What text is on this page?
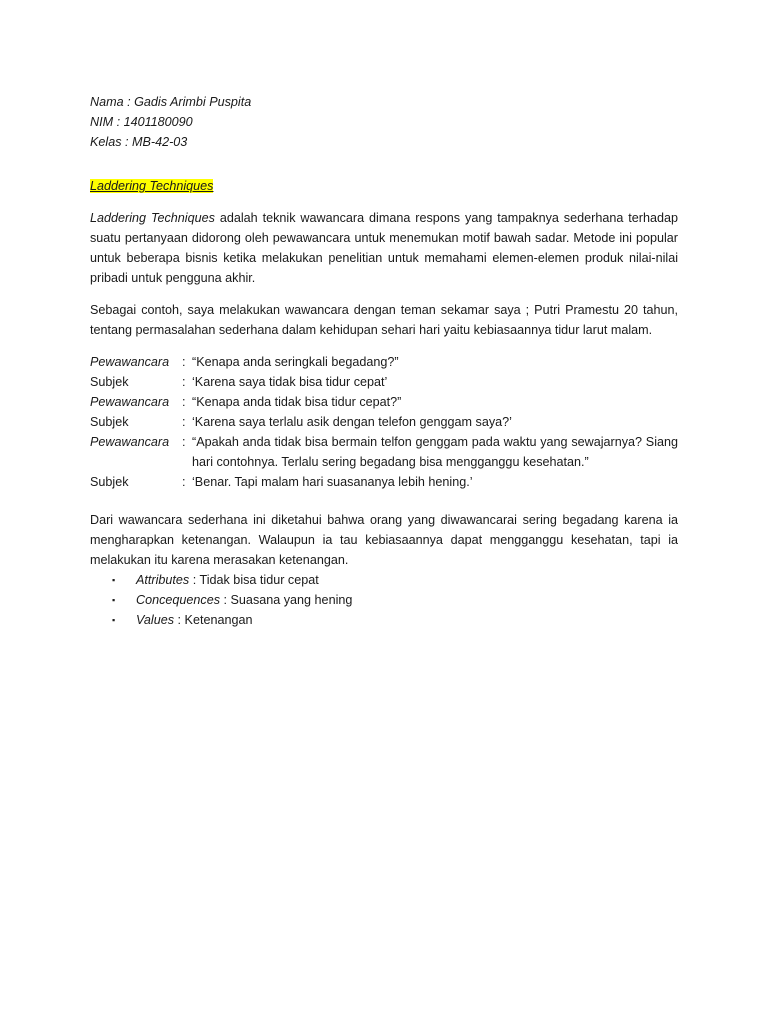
Nama : Gadis Arimbi Puspita

NIM : 1401180090

Kelas : MB-42-03

Laddering Techniques

Laddering Techniques adalah teknik wawancara dimana respons yang tampaknya sederhana terhadap suatu pertanyaan didorong oleh pewawancara untuk menemukan motif bawah sadar. Metode ini popular untuk beberapa bisnis ketika melakukan penelitian untuk memahami elemen-elemen produk nilai-nilai pribadi untuk pengguna akhir.

Sebagai contoh, saya melakukan wawancara dengan teman sekamar saya ; Putri Pramestu 20 tahun, tentang permasalahan sederhana dalam kehidupan sehari hari yaitu kebiasaannya tidur larut malam.

Pewawancara	: “Kenapa anda seringkali begadang?”
Subjek	: ‘Karena saya tidak bisa tidur cepat’
Pewawancara	: “Kenapa anda tidak bisa tidur cepat?”
Subjek	: ‘Karena saya terlalu asik dengan telefon genggam saya?’
Pewawancara	: “Apakah anda tidak bisa bermain telfon genggam pada waktu yang sewajarnya? Siang hari contohnya. Terlalu sering begadang bisa mengganggu kesehatan.”
Subjek	: ‘Benar. Tapi malam hari suasananya lebih hening.’

Dari wawancara sederhana ini diketahui bahwa orang yang diwawancarai sering begadang karena ia mengharapkan ketenangan. Walaupun ia tau kebiasaannya dapat mengganggu kesehatan, tapi ia melakukan itu karena merasakan ketenangan.

▪	Attributes : Tidak bisa tidur cepat
▪	Concequences : Suasana yang hening
▪	Values : Ketenangan
